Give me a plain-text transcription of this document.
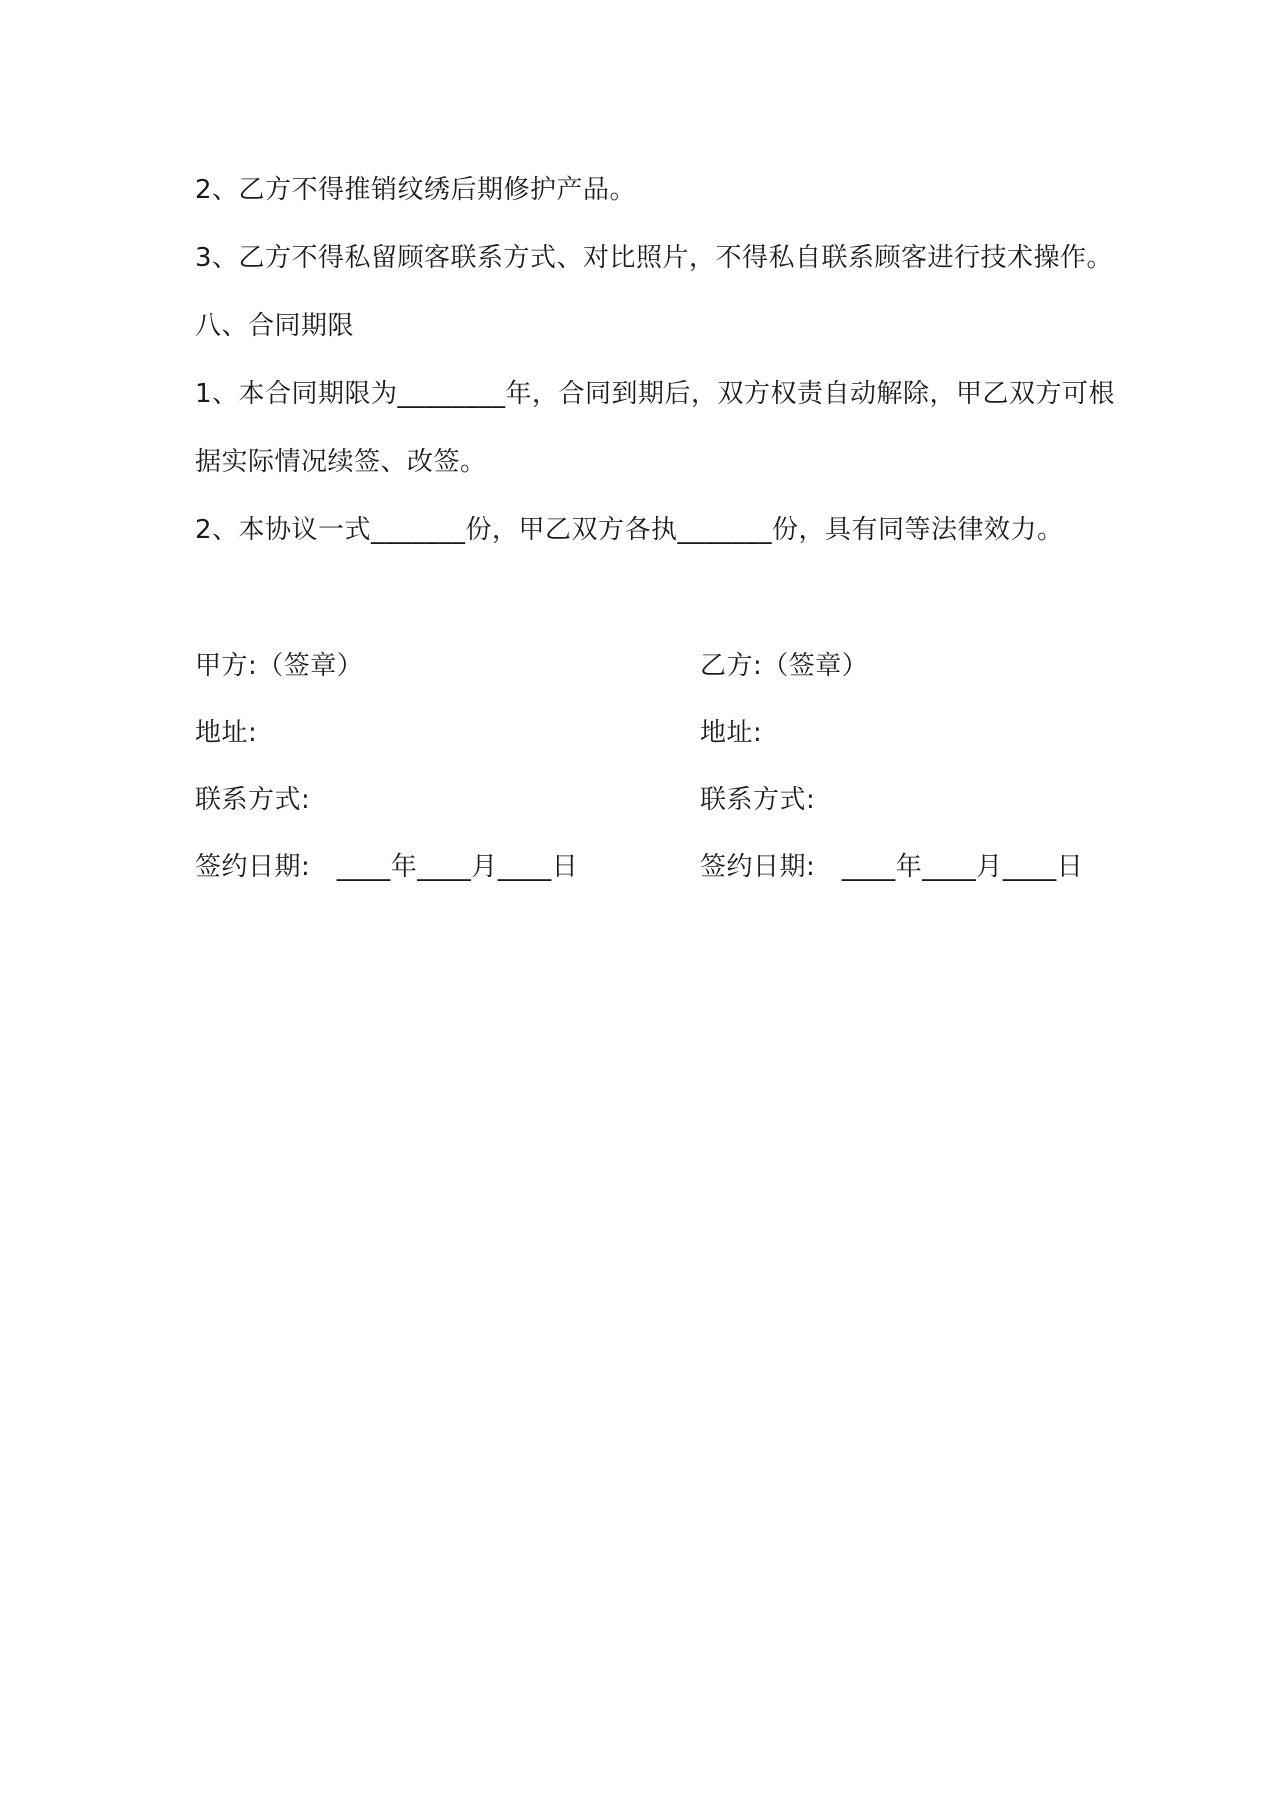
2、乙方不得推销纹绣后期修护产品。
3、乙方不得私留顾客联系方式、对比照片，不得私自联系顾客进行技术操作。
八、合同期限
1、本合同期限为________年，合同到期后，双方权责自动解除，甲乙双方可根
据实际情况续签、改签。
2、本协议一式_______份，甲乙双方各执_______份，具有同等法律效力。
甲方:（签章）
地址:
联系方式:
签约日期:　____年____月____日
乙方:（签章）
地址:
联系方式:
签约日期:　____年____月____日
